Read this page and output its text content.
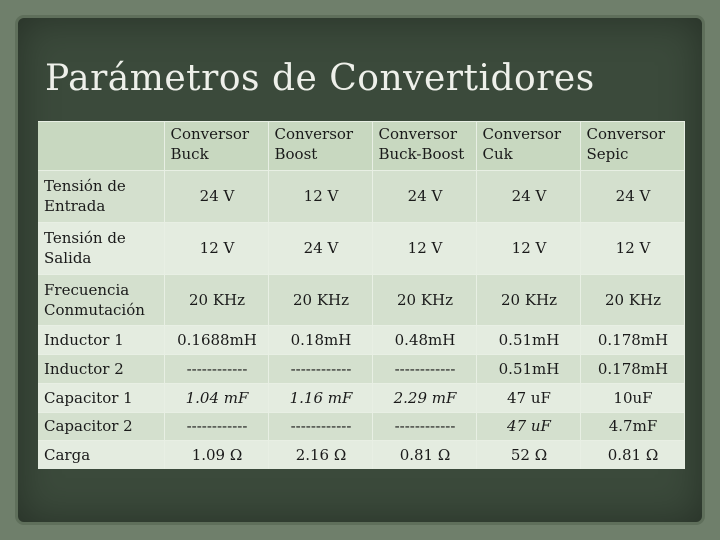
Parámetros de Convertidores
	Conversor Buck	Conversor Boost	Conversor Buck-Boost	Conversor Cuk	Conversor Sepic
Tensión de Entrada	24 V	12 V	24 V	24 V	24 V
Tensión de Salida	12 V	24 V	12 V	12 V	12 V
Frecuencia Conmutación	20 KHz	20 KHz	20 KHz	20 KHz	20 KHz
Inductor 1	0.1688mH	0.18mH	0.48mH	0.51mH	0.178mH
Inductor 2	------------	------------	------------	0.51mH	0.178mH
Capacitor 1	1.04 mF	1.16 mF	2.29 mF	47 uF	10uF
Capacitor 2	------------	------------	------------	47 uF	4.7mF
Carga	1.09 Ω	2.16 Ω	0.81 Ω	52 Ω	0.81 Ω
